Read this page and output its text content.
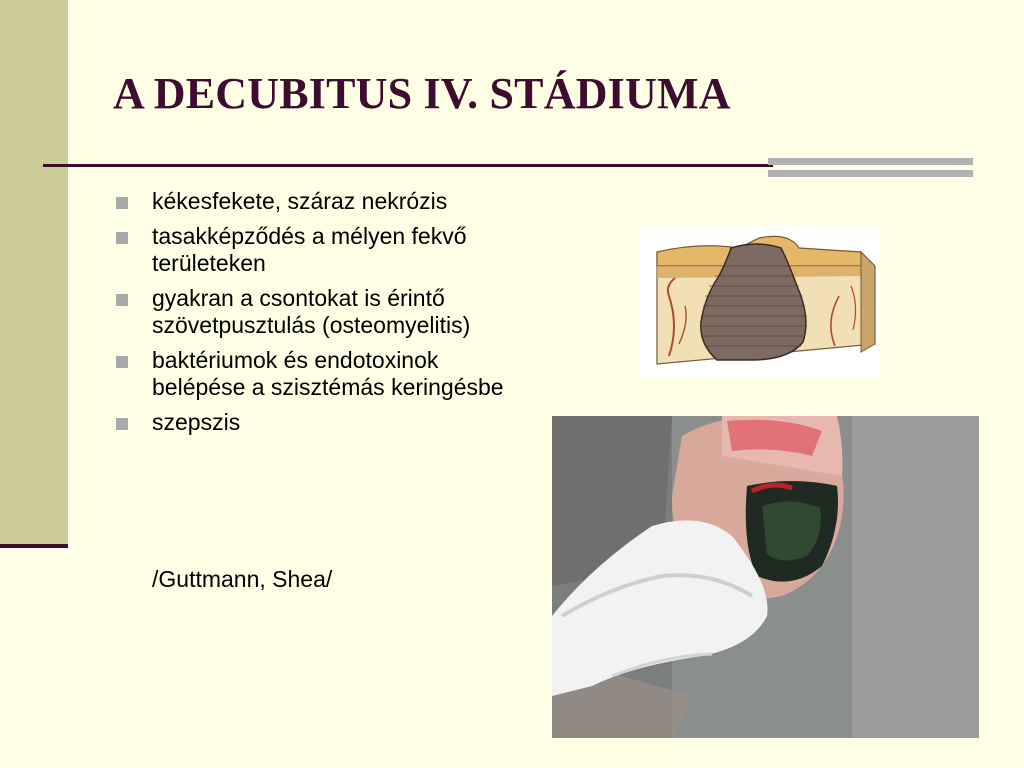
A DECUBITUS IV. STÁDIUMA
kékesfekete, száraz nekrózis
tasakképződés a mélyen fekvő területeken
gyakran a csontokat is érintő szövetpusztulás (osteomyelitis)
baktériumok és endotoxinok belépése a szisztémás keringésbe
szepszis
/Guttmann, Shea/
